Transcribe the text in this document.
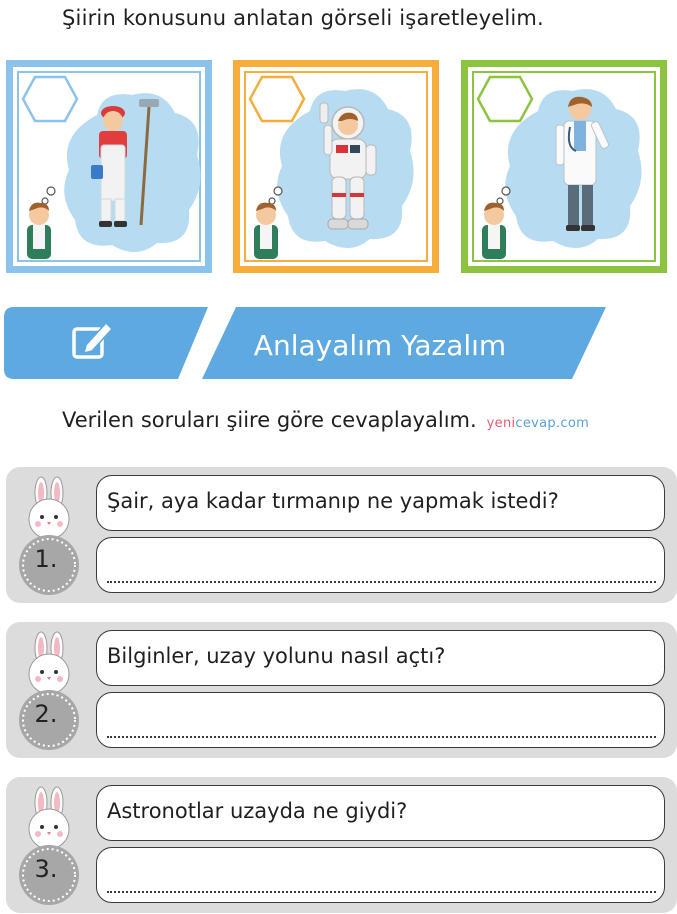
Şiirin konusunu anlatan görseli işaretleyelim.
Anlayalım Yazalım
Verilen soruları şiire göre cevaplayalım. yenicevap.com
1.
Şair, aya kadar tırmanıp ne yapmak istedi?
2.
Bilginler, uzay yolunu nasıl açtı?
3.
Astronotlar uzayda ne giydi?
